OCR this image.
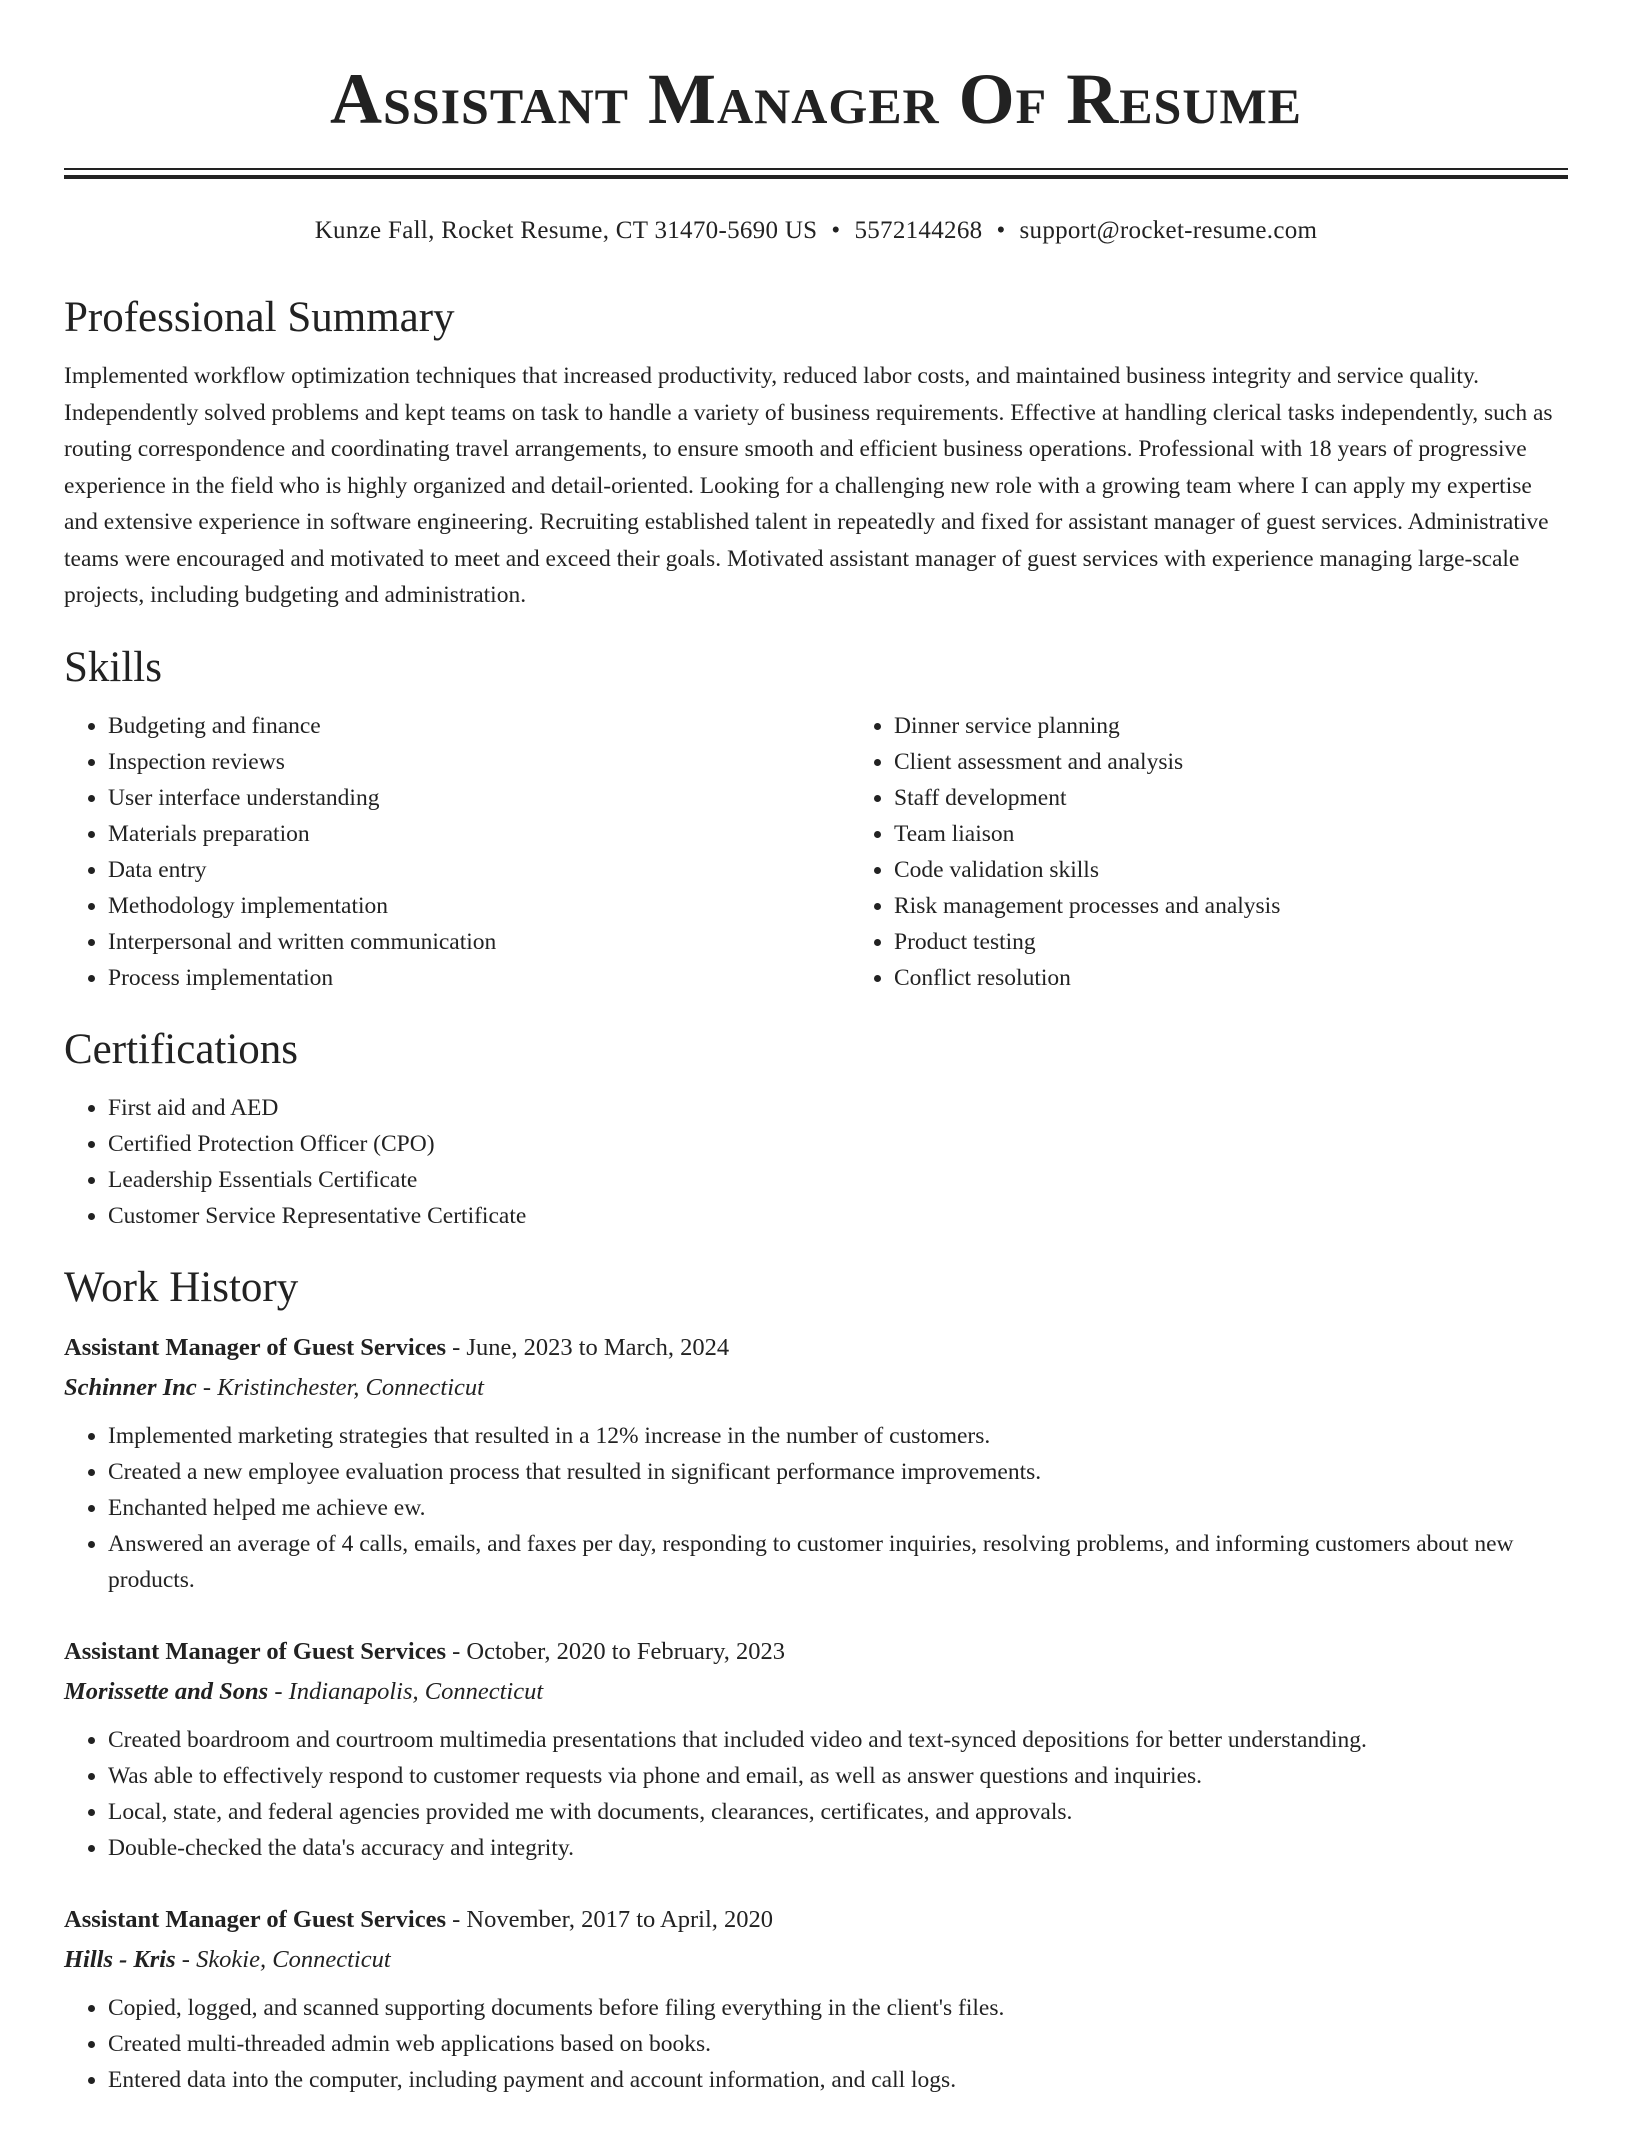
Assistant Manager Of Resume
Kunze Fall, Rocket Resume, CT 31470-5690 US • 5572144268 • support@rocket-resume.com
Professional Summary

Implemented workflow optimization techniques that increased productivity, reduced labor costs, and maintained business integrity and service quality. Independently solved problems and kept teams on task to handle a variety of business requirements. Effective at handling clerical tasks independently, such as routing correspondence and coordinating travel arrangements, to ensure smooth and efficient business operations. Professional with 18 years of progressive experience in the field who is highly organized and detail-oriented. Looking for a challenging new role with a growing team where I can apply my expertise and extensive experience in software engineering. Recruiting established talent in repeatedly and fixed for assistant manager of guest services. Administrative teams were encouraged and motivated to meet and exceed their goals. Motivated assistant manager of guest services with experience managing large-scale projects, including budgeting and administration.

Skills
• Budgeting and finance
• Inspection reviews
• User interface understanding
• Materials preparation
• Data entry
• Methodology implementation
• Interpersonal and written communication
• Process implementation
• Dinner service planning
• Client assessment and analysis
• Staff development
• Team liaison
• Code validation skills
• Risk management processes and analysis
• Product testing
• Conflict resolution
Certifications
• First aid and AED
• Certified Protection Officer (CPO)
• Leadership Essentials Certificate
• Customer Service Representative Certificate
Work History

Assistant Manager of Guest Services - June, 2023 to March, 2024

Schinner Inc - Kristinchester, Connecticut

• Implemented marketing strategies that resulted in a 12% increase in the number of customers.
• Created a new employee evaluation process that resulted in significant performance improvements.
• Enchanted helped me achieve ew.
• Answered an average of 4 calls, emails, and faxes per day, responding to customer inquiries, resolving problems, and informing customers about new products.

Assistant Manager of Guest Services - October, 2020 to February, 2023

Morissette and Sons - Indianapolis, Connecticut

• Created boardroom and courtroom multimedia presentations that included video and text-synced depositions for better understanding.
• Was able to effectively respond to customer requests via phone and email, as well as answer questions and inquiries.
• Local, state, and federal agencies provided me with documents, clearances, certificates, and approvals.
• Double-checked the data's accuracy and integrity.

Assistant Manager of Guest Services - November, 2017 to April, 2020

Hills - Kris - Skokie, Connecticut

• Copied, logged, and scanned supporting documents before filing everything in the client's files.
• Created multi-threaded admin web applications based on books.
• Entered data into the computer, including payment and account information, and call logs.
